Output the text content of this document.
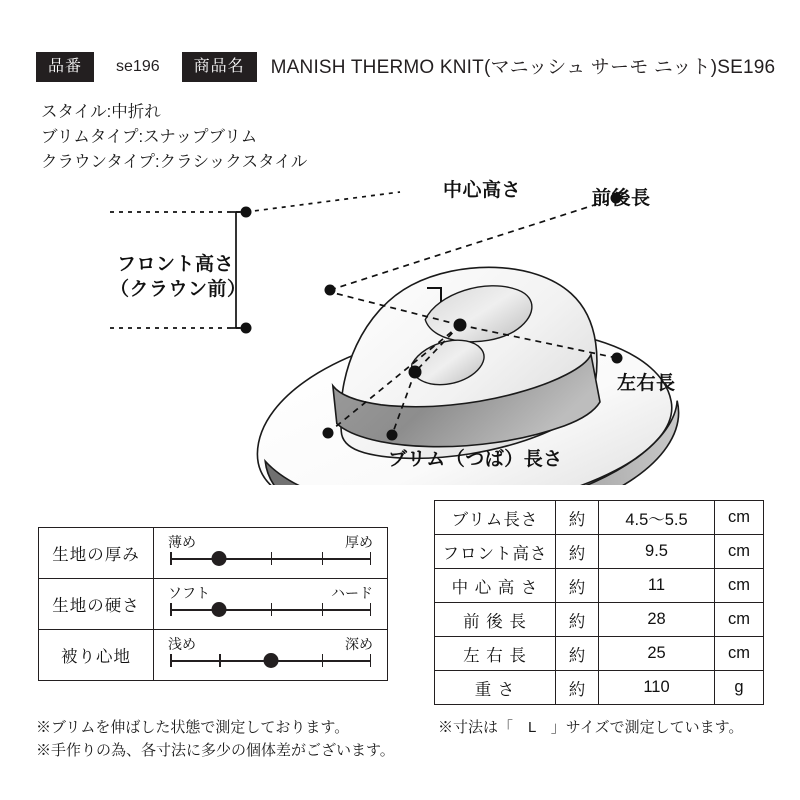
品番	se196	商品名	MANISH THERMO KNIT(マニッシュ サーモ ニット)SE196
スタイル:中折れ
ブリムタイプ:スナップブリム
クラウンタイプ:クラシックスタイル
中心高さ	前後長
フロント高さ
（クラウン前）
左右長
ブリム（つば）長さ
生地の厚み	薄め 厚め

生地の硬さ	ソフト ハード

被り心地	浅め 深め
ブリム長さ	約	4.5〜5.5	cm
フロント高さ	約	9.5	cm
中 心 高 さ	約	11	cm
前 後 長	約	28	cm
左 右 長	約	25	cm
重 さ	約	110	g
※ブリムを伸ばした状態で測定しております。
※手作りの為、各寸法に多少の個体差がございます。
※寸法は「　L　」サイズで測定しています。
